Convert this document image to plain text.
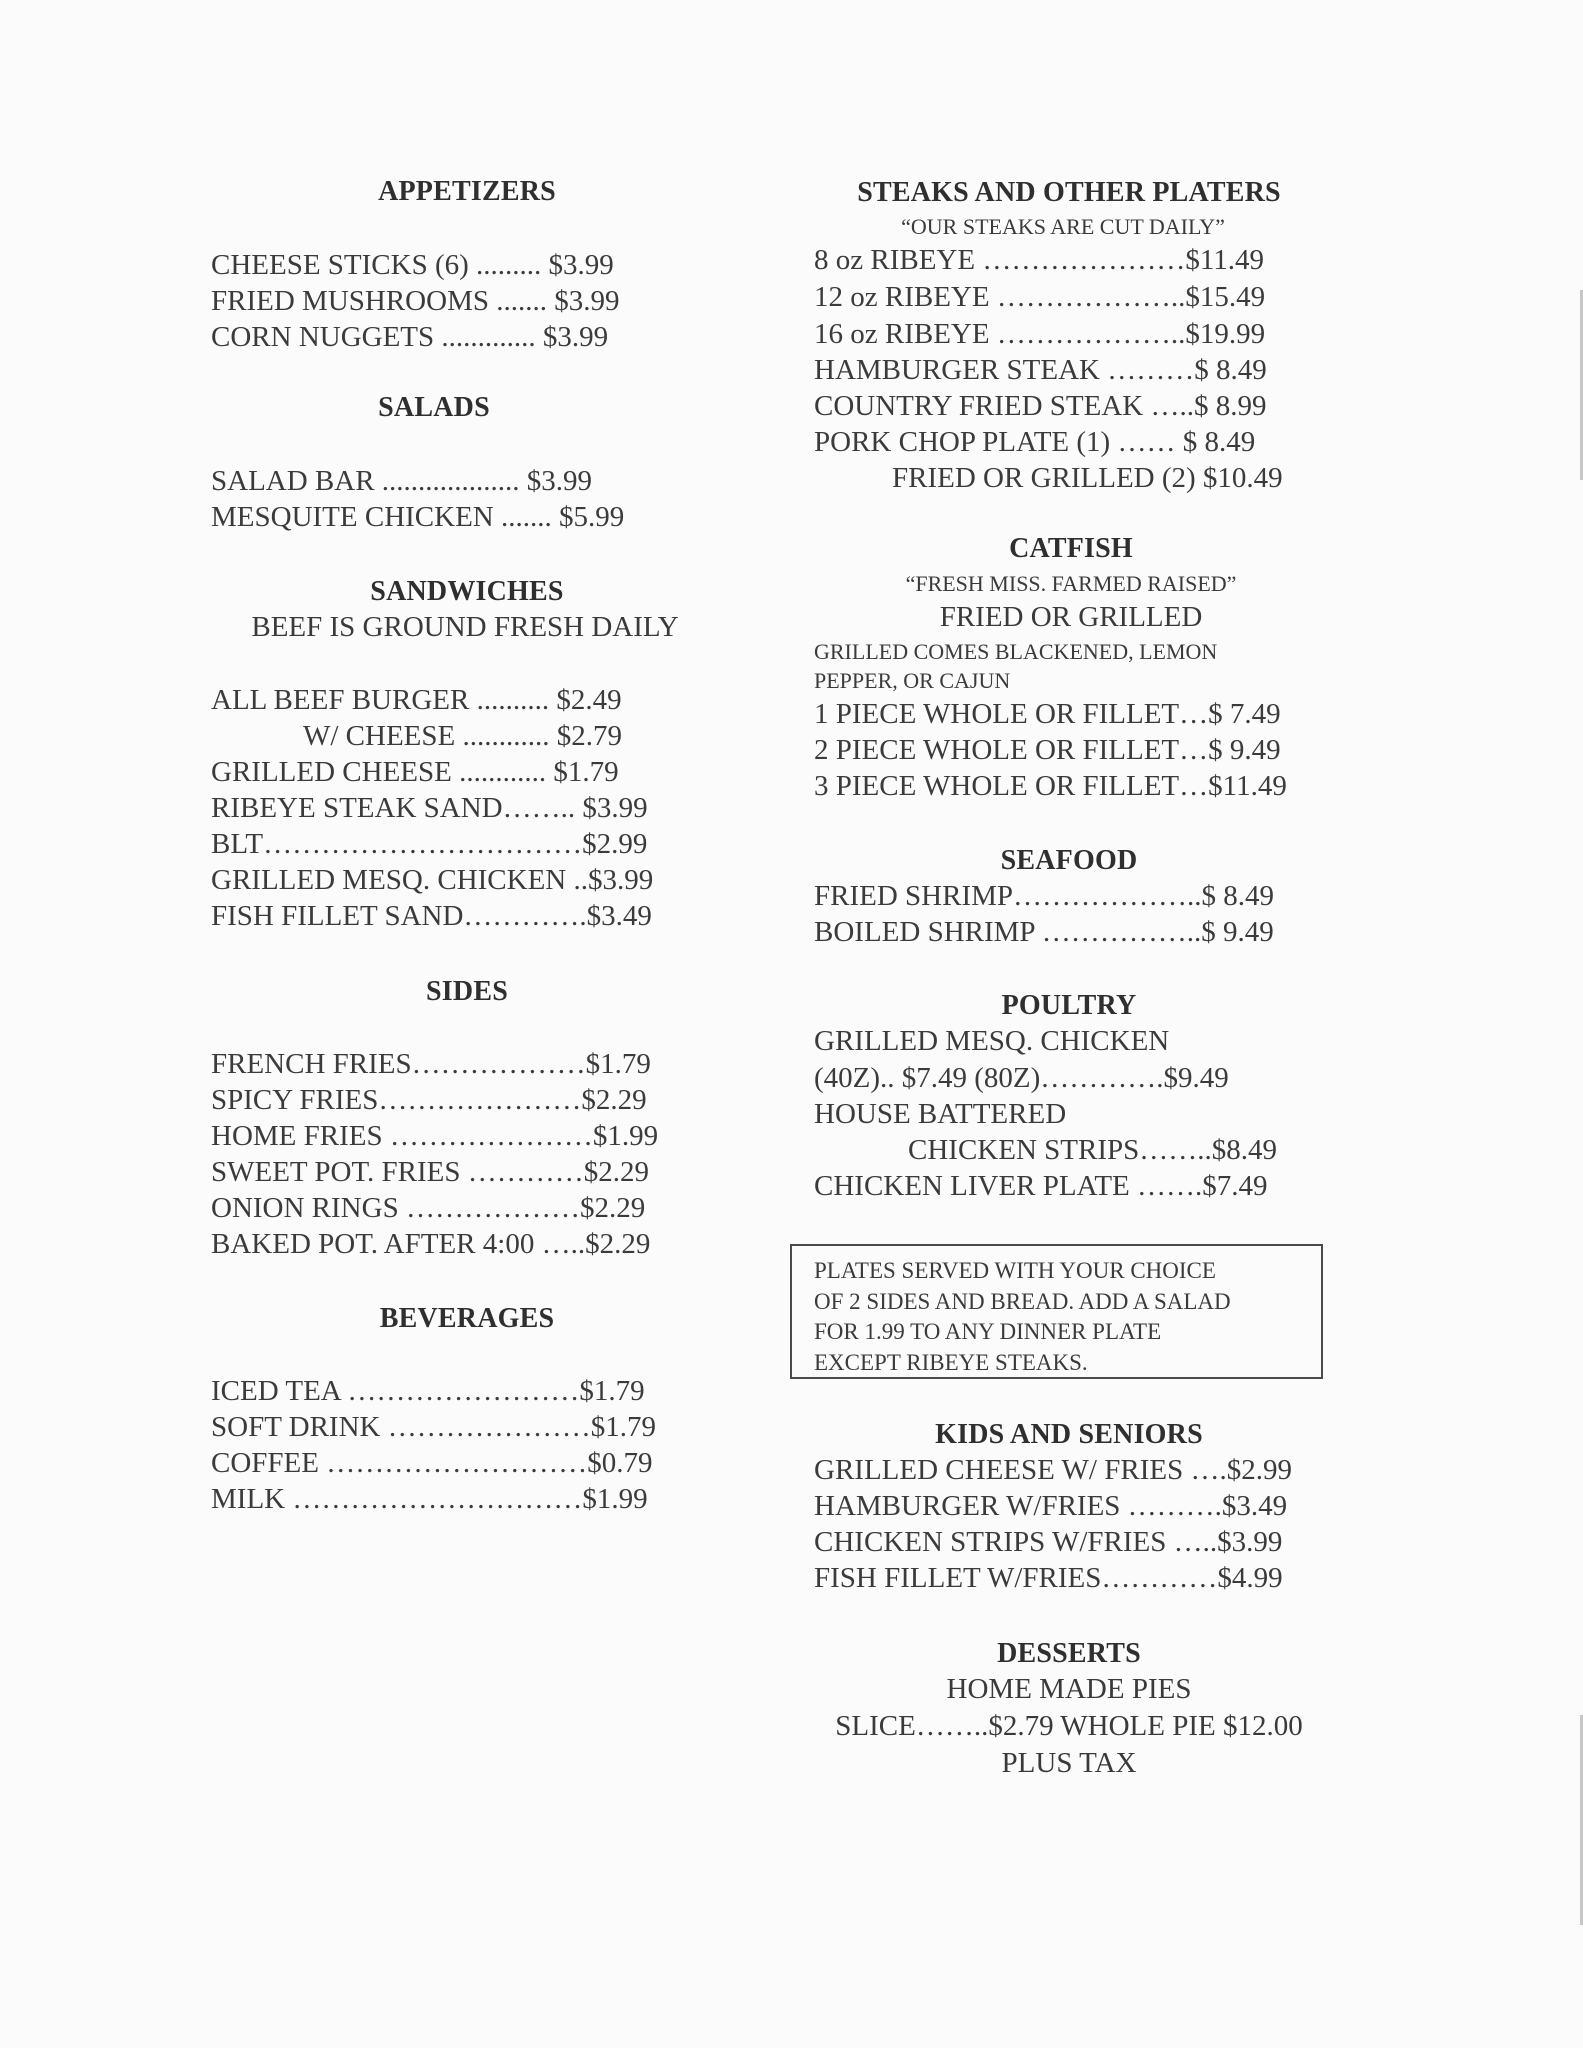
APPETIZERS
CHEESE STICKS (6) ......... $3.99
FRIED MUSHROOMS ....... $3.99
CORN NUGGETS ............. $3.99
SALADS
SALAD BAR ................... $3.99
MESQUITE CHICKEN ....... $5.99
SANDWICHES
BEEF IS GROUND FRESH DAILY
ALL BEEF BURGER .......... $2.49
W/ CHEESE ............ $2.79
GRILLED CHEESE ............ $1.79
RIBEYE STEAK SAND…….. $3.99
BLT……………………………$2.99
GRILLED MESQ. CHICKEN ..$3.99
FISH FILLET SAND………….$3.49
SIDES
FRENCH FRIES………………$1.79
SPICY FRIES…………………$2.29
HOME FRIES …………………$1.99
SWEET POT. FRIES …………$2.29
ONION RINGS ………………$2.29
BAKED POT. AFTER 4:00 …..$2.29
BEVERAGES
ICED TEA ……………………$1.79
SOFT DRINK …………………$1.79
COFFEE ………………………$0.79
MILK …………………………$1.99
STEAKS AND OTHER PLATERS
“OUR STEAKS ARE CUT DAILY”
8 oz RIBEYE …………………$11.49
12 oz RIBEYE ………………..$15.49
16 oz RIBEYE ………………..$19.99
HAMBURGER STEAK ………$ 8.49
COUNTRY FRIED STEAK …..$ 8.99
PORK CHOP PLATE (1) …… $ 8.49
FRIED OR GRILLED (2) $10.49
CATFISH
“FRESH MISS. FARMED RAISED”
FRIED OR GRILLED
GRILLED COMES BLACKENED, LEMON
PEPPER, OR CAJUN
1 PIECE WHOLE OR FILLET…$ 7.49
2 PIECE WHOLE OR FILLET…$ 9.49
3 PIECE WHOLE OR FILLET…$11.49
SEAFOOD
FRIED SHRIMP………………..$ 8.49
BOILED SHRIMP ……………..$ 9.49
POULTRY
GRILLED MESQ. CHICKEN
(40Z).. $7.49 (80Z)………….$9.49
HOUSE BATTERED
CHICKEN STRIPS……..$8.49
CHICKEN LIVER PLATE …….$7.49
PLATES SERVED WITH YOUR CHOICE
OF 2 SIDES AND BREAD. ADD A SALAD
FOR 1.99 TO ANY DINNER PLATE
EXCEPT RIBEYE STEAKS.
KIDS AND SENIORS
GRILLED CHEESE W/ FRIES ….$2.99
HAMBURGER W/FRIES ……….$3.49
CHICKEN STRIPS W/FRIES …..$3.99
FISH FILLET W/FRIES…………$4.99
DESSERTS
HOME MADE PIES
SLICE……..$2.79 WHOLE PIE $12.00
PLUS TAX
